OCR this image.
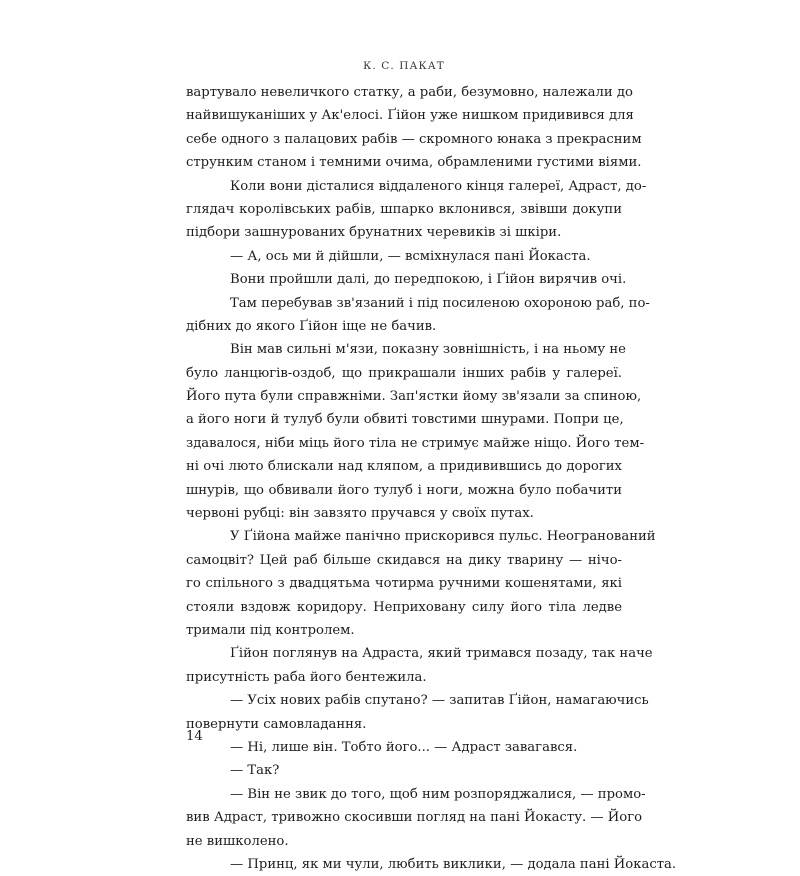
К. С. ПАКАТ
вартувало невеличкого статку, а раби, безумовно, належали до
найвишуканіших у Ак'елосі. Ґійон уже нишком придивився для
себе одного з палацових рабів — скромного юнака з прекрасним
струнким станом і темними очима, обрамленими густими віями.
Коли вони дісталися віддаленого кінця галереї, Адраст, до-
глядач королівських рабів, шпарко вклонився, звівши докупи
підбори зашнурованих брунатних черевиків зі шкіри.
— А, ось ми й дійшли, — всміхнулася пані Йокаста.
Вони пройшли далі, до передпокою, і Ґійон вирячив очі.
Там перебував зв'язаний і під посиленою охороною раб, по-
дібних до якого Ґійон іще не бачив.
Він мав сильні м'язи, показну зовнішність, і на ньому не
було ланцюгів-оздоб, що прикрашали інших рабів у галереї.
Його пута були справжніми. Зап'ястки йому зв'язали за спиною,
а його ноги й тулуб були обвиті товстими шнурами. Попри це,
здавалося, ніби міць його тіла не стримує майже ніщо. Його тем-
ні очі люто блискали над кляпом, а придивившись до дорогих
шнурів, що обвивали його тулуб і ноги, можна було побачити
червоні рубці: він завзято пручався у своїх путах.
У Ґійона майже панічно прискорився пульс. Неогранований
самоцвіт? Цей раб більше скидався на дику тварину — нічо-
го спільного з двадцятьма чотирма ручними кошенятами, які
стояли вздовж коридору. Неприховану силу його тіла ледве
тримали під контролем.
Ґійон поглянув на Адраста, який тримався позаду, так наче
присутність раба його бентежила.
— Усіх нових рабів спутано? — запитав Ґійон, намагаючись
повернути самовладання.
— Ні, лише він. Тобто його... — Адраст завагався.
— Так?
— Він не звик до того, щоб ним розпоряджалися, — промо-
вив Адраст, тривожно скосивши погляд на пані Йокасту. — Його
не вишколено.
— Принц, як ми чули, любить виклики, — додала пані Йокаста.
14
